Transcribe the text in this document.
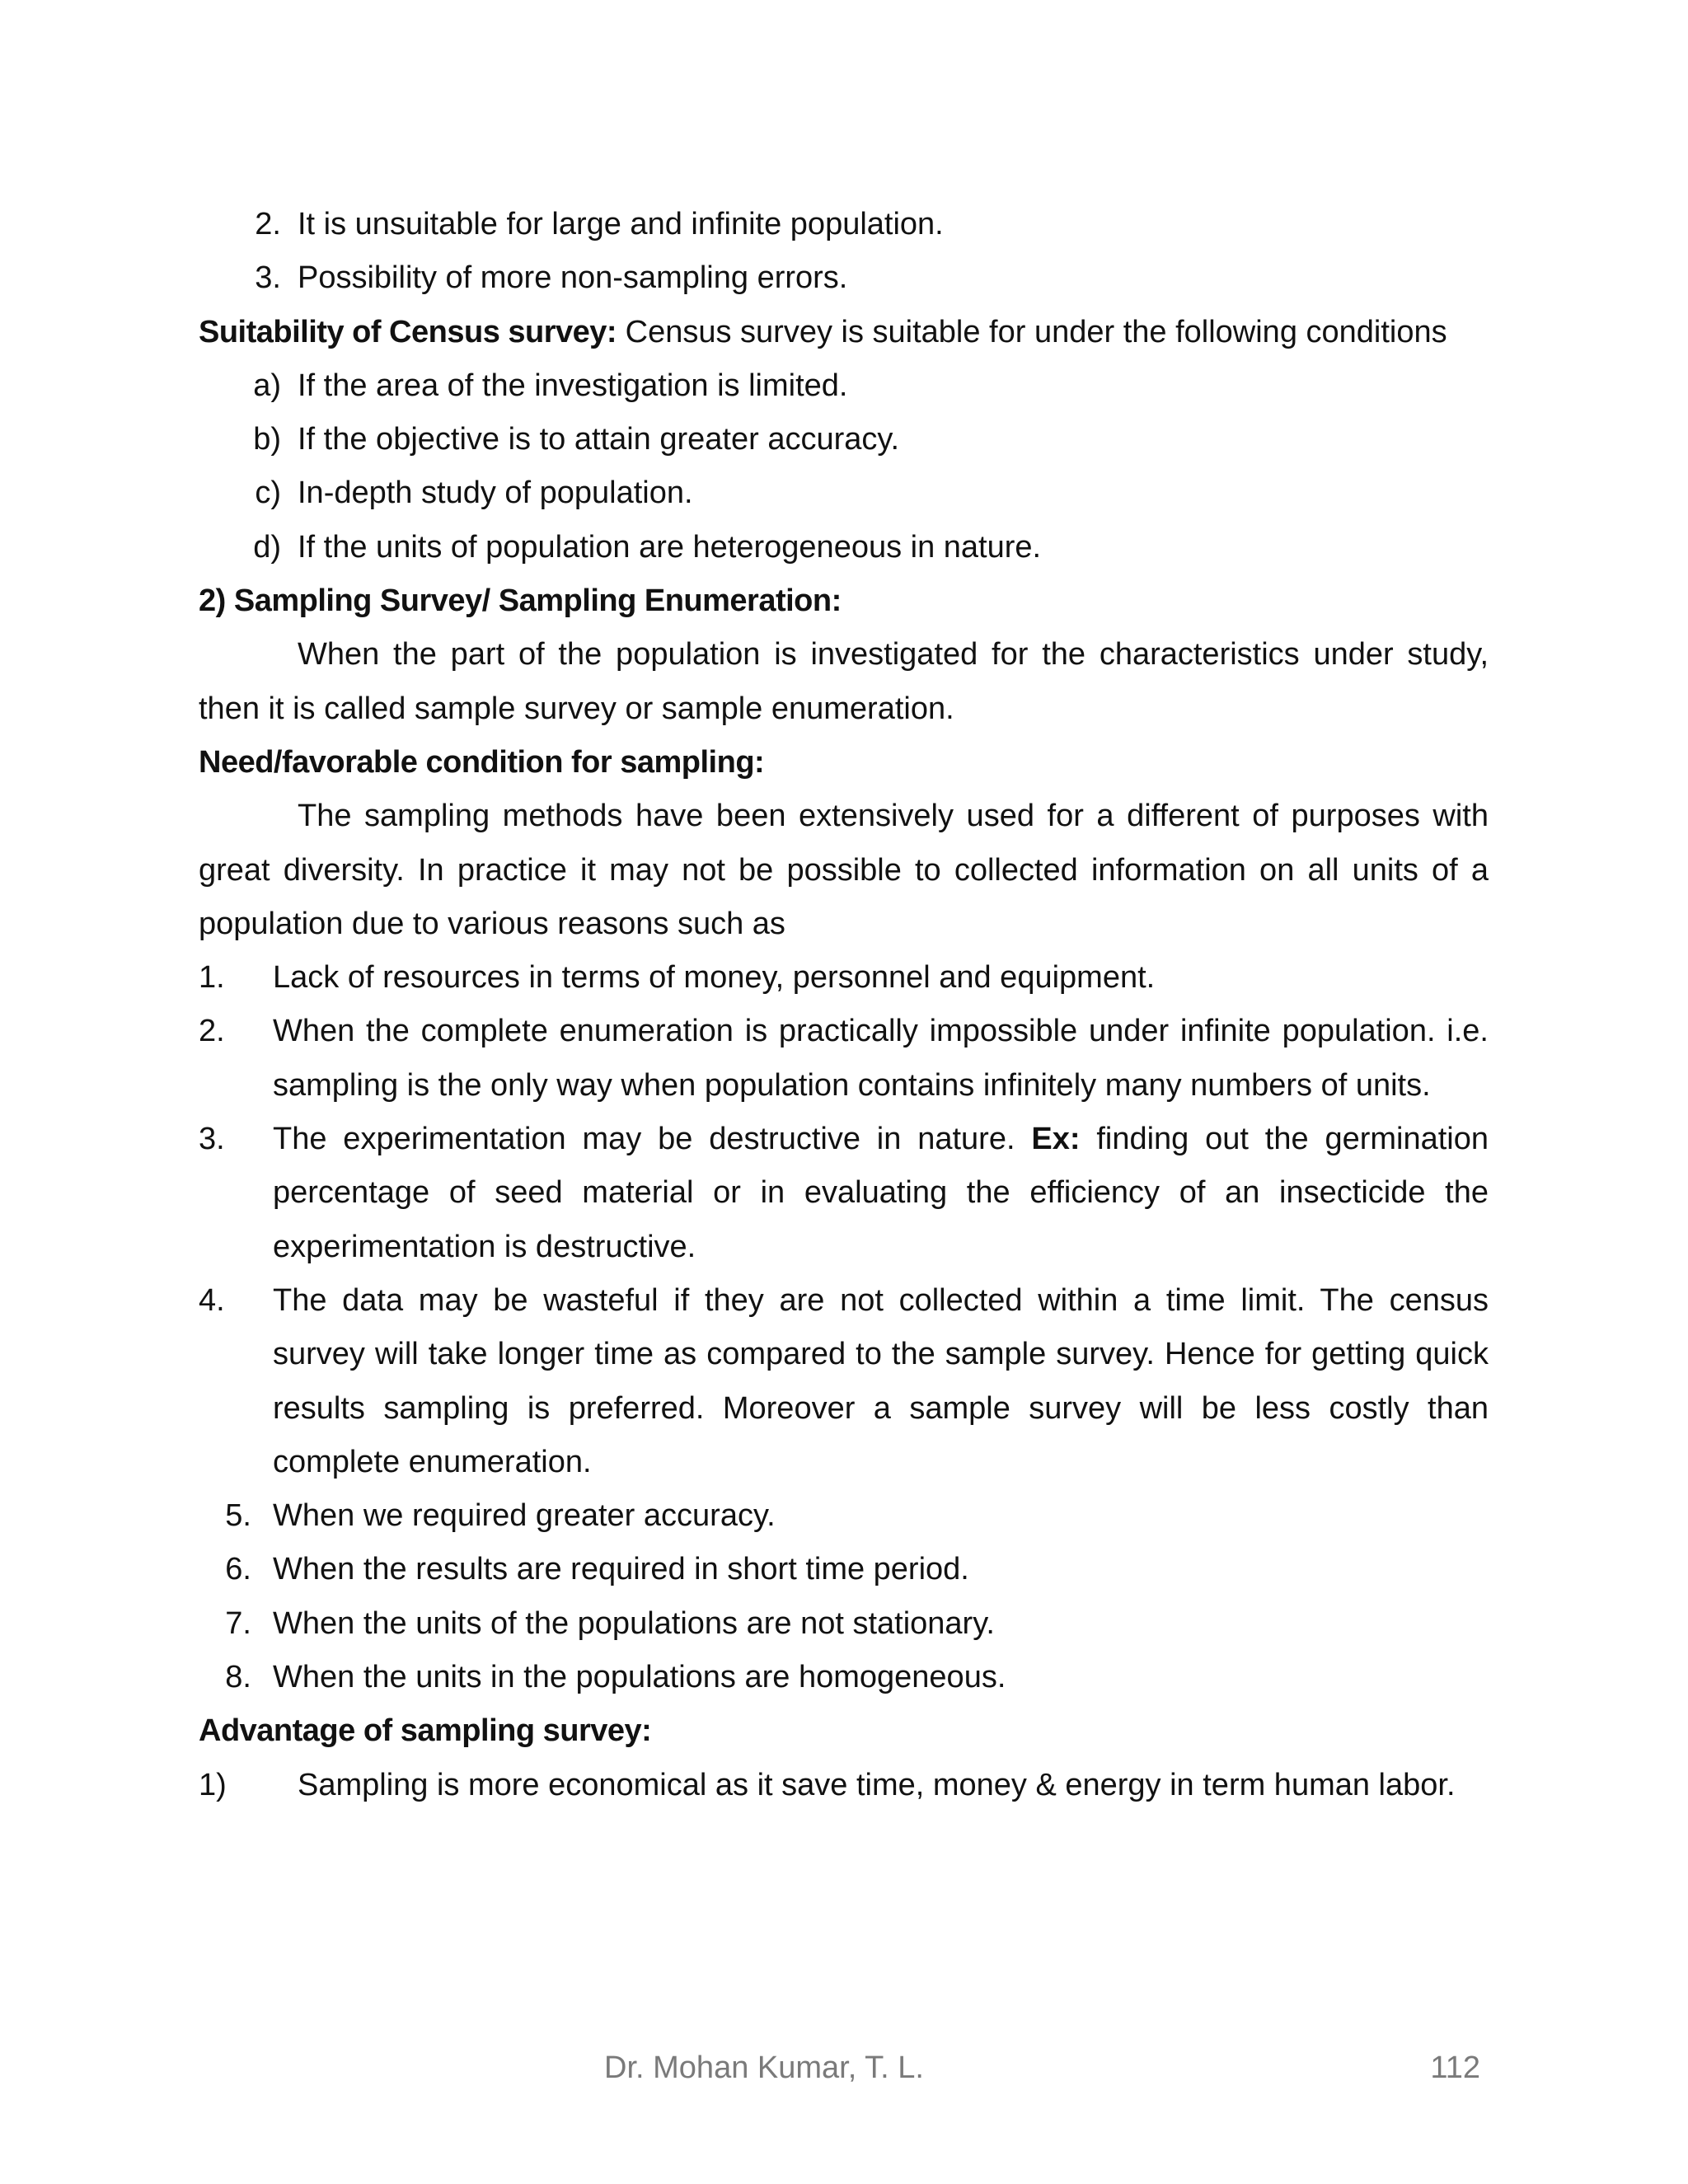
2. It is unsuitable for large and infinite population.
3. Possibility of more non-sampling errors.

Suitability of Census survey: Census survey is suitable for under the following conditions

a) If the area of the investigation is limited.
b) If the objective is to attain greater accuracy.
c) In-depth study of population.
d) If the units of population are heterogeneous in nature.

2) Sampling Survey/ Sampling Enumeration:

When the part of the population is investigated for the characteristics under study, then it is called sample survey or sample enumeration.

Need/favorable condition for sampling:

The sampling methods have been extensively used for a different of purposes with great diversity. In practice it may not be possible to collected information on all units of a population due to various reasons such as

1.	Lack of resources in terms of money, personnel and equipment.
2.	When the complete enumeration is practically impossible under infinite population. i.e. sampling is the only way when population contains infinitely many numbers of units.
3.	The experimentation may be destructive in nature. Ex: finding out the germination percentage of seed material or in evaluating the efficiency of an insecticide the experimentation is destructive.
4.	The data may be wasteful if they are not collected within a time limit. The census survey will take longer time as compared to the sample survey. Hence for getting quick results sampling is preferred. Moreover a sample survey will be less costly than complete enumeration.
5. When we required greater accuracy.
6. When the results are required in short time period.
7. When the units of the populations are not stationary.
8. When the units in the populations are homogeneous.

Advantage of sampling survey:

1)	Sampling is more economical as it save time, money & energy in term human labor.
Dr. Mohan Kumar, T. L.	112
